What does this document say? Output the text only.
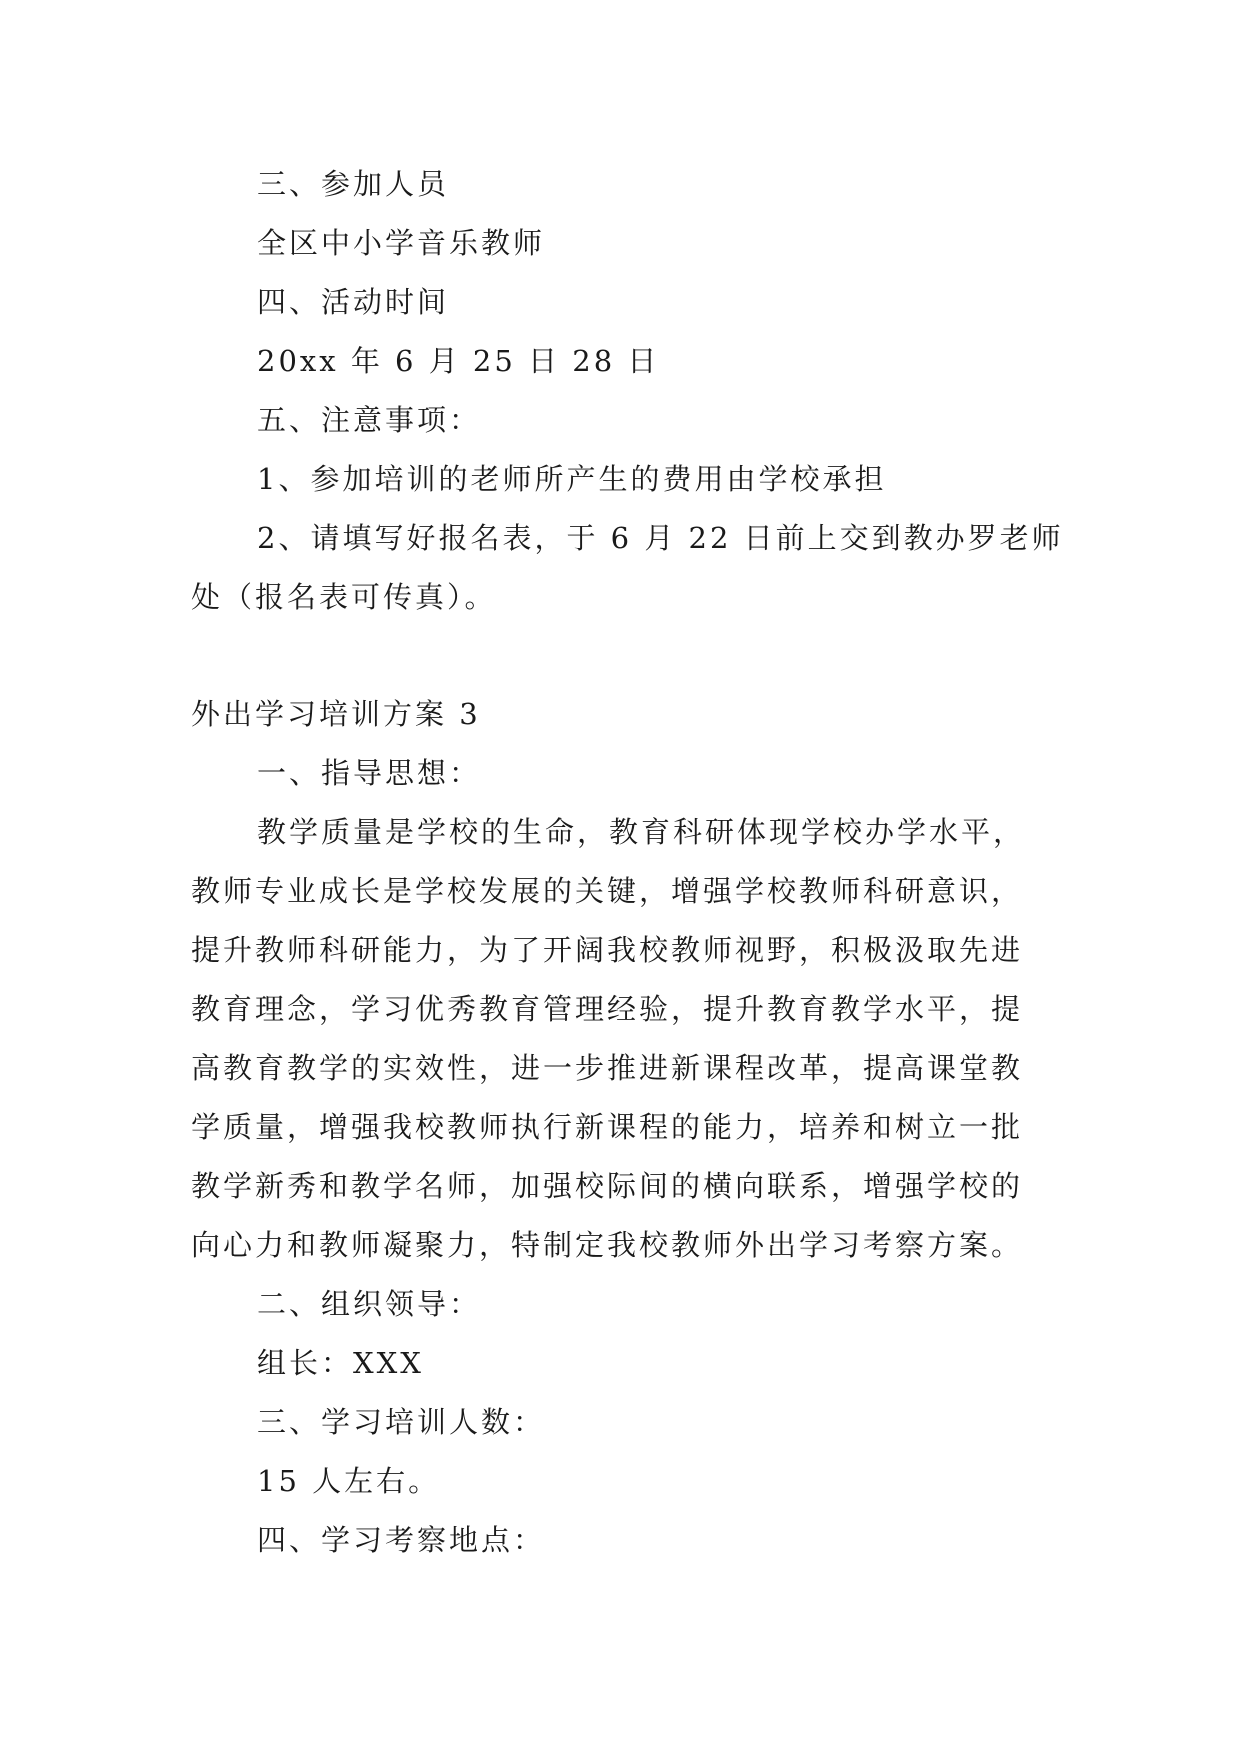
三、参加人员
全区中小学音乐教师
四、活动时间
20xx 年 6 月 25 日 28 日
五、注意事项：
1、参加培训的老师所产生的费用由学校承担
2、请填写好报名表，于 6 月 22 日前上交到教办罗老师
处（报名表可传真）。
外出学习培训方案 3
一、指导思想：
教学质量是学校的生命，教育科研体现学校办学水平，
教师专业成长是学校发展的关键，增强学校教师科研意识，
提升教师科研能力，为了开阔我校教师视野，积极汲取先进
教育理念，学习优秀教育管理经验，提升教育教学水平，提
高教育教学的实效性，进一步推进新课程改革，提高课堂教
学质量，增强我校教师执行新课程的能力，培养和树立一批
教学新秀和教学名师，加强校际间的横向联系，增强学校的
向心力和教师凝聚力，特制定我校教师外出学习考察方案。
二、组织领导：
组长：XXX
三、学习培训人数：
15 人左右。
四、学习考察地点：
